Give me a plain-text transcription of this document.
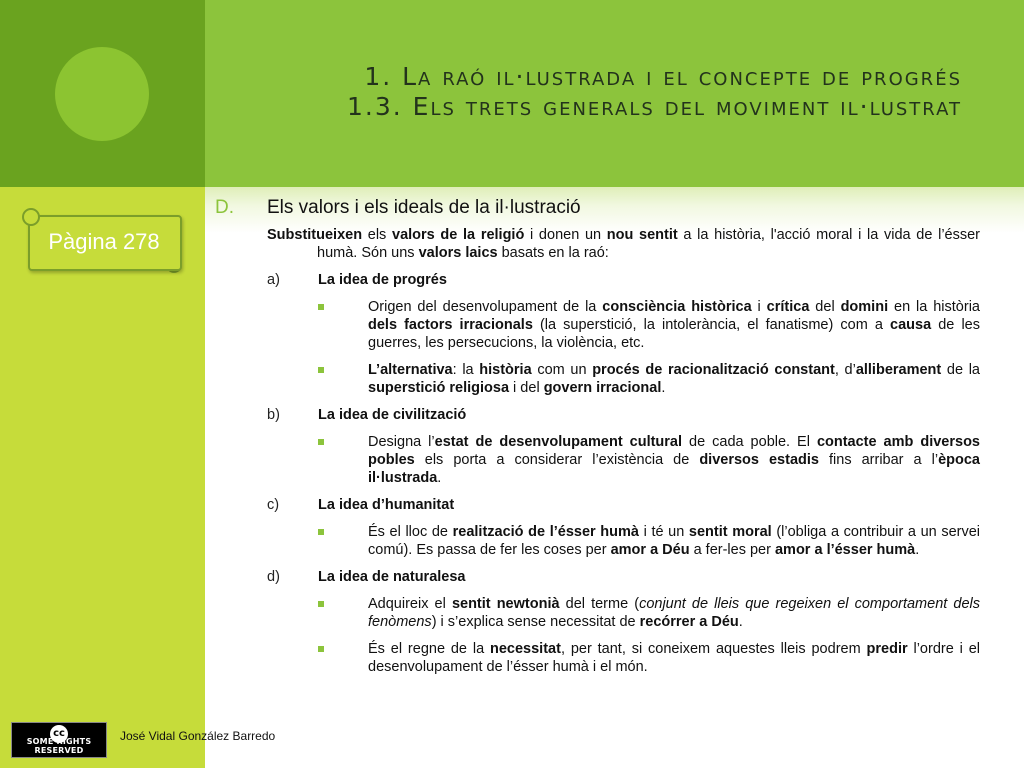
1. La raó il·lustrada i el concepte de progrés
1.3. Els trets generals del moviment il·lustrat
Pàgina 278
D.	Els valors i els ideals de la il·lustració
Substitueixen els valors de la religió i donen un nou sentit a la història, l'acció moral i la vida de l’ésser humà. Són uns valors laics basats en la raó:
a)	La idea de progrés
Origen del desenvolupament de la consciència històrica i crítica del domini en la història dels factors irracionals (la superstició, la intolerància, el fanatisme) com a causa de les guerres, les persecucions, la violència, etc.
L’alternativa: la història com un procés de racionalització constant, d’alliberament de la superstició religiosa i del govern irracional.
b)	La idea de civilització
Designa l’estat de desenvolupament cultural de cada poble. El contacte amb diversos pobles els porta a considerar l’existència de diversos estadis fins arribar a l’època il·lustrada.
c)	La idea d’humanitat
És el lloc de realització de l’ésser humà i té un sentit moral (l’obliga a contribuir a un servei comú). Es passa de fer les coses per amor a Déu a fer-les per amor a l’ésser humà.
d)	La idea de naturalesa
Adquireix el sentit newtonià del terme (conjunt de lleis que regeixen el comportament dels fenòmens) i s’explica sense necessitat de recórrer a Déu.
És el regne de la necessitat, per tant, si coneixem aquestes lleis podrem predir l’ordre i el desenvolupament de l’ésser humà i el món.
cc
SOME RIGHTS RESERVED
José Vidal González Barredo
